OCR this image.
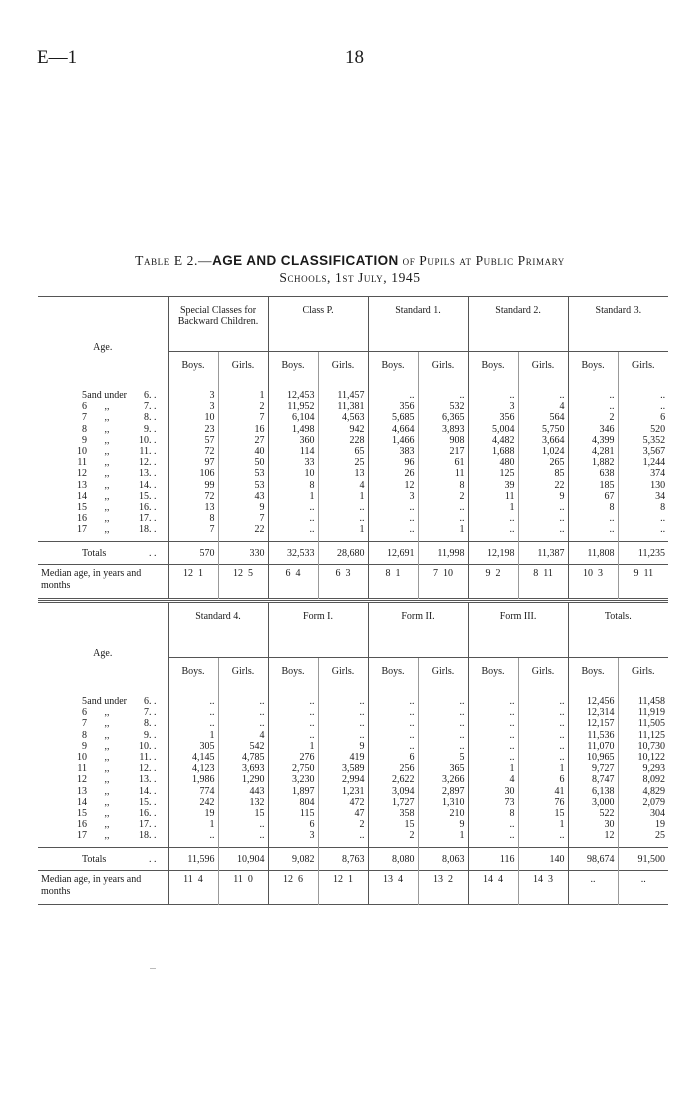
E—1	18
Table E 2.—AGE AND CLASSIFICATION of Pupils at Public Primary
Schools, 1st July, 1945
Age.	Special Classes for Backward Children.		Class P.		Standard 1.		Standard 2.		Standard 3.	
	Boys.	Girls.	Boys.	Girls.	Boys.	Girls.	Boys.	Girls.	Boys.	Girls.

. .
5and under 6	3	1	12,453	11,457	..	..	..	..	..	..

. .
6 ,, 7	3	2	11,952	11,381	356	532	3	4	..	..

. .
7 ,, 8	10	7	6,104	4,563	5,685	6,365	356	564	2	6

. .
8 ,, 9	23	16	1,498	942	4,664	3,893	5,004	5,750	346	520

. .
9 ,, 10	57	27	360	228	1,466	908	4,482	3,664	4,399	5,352

. .
10 ,, 11	72	40	114	65	383	217	1,688	1,024	4,281	3,567

. .
11 ,, 12	97	50	33	25	96	61	480	265	1,882	1,244

. .
12 ,, 13	106	53	10	13	26	11	125	85	638	374

. .
13 ,, 14	99	53	8	4	12	8	39	22	185	130

. .
14 ,, 15	72	43	1	1	3	2	11	9	67	34

. .
15 ,, 16	13	9	..	..	..	..	1	..	8	8

. .
16 ,, 17	8	7	..	..	..	..	..	..	..	..

. .
17 ,, 18	7	22	..	1	..	1	..	..	..	..

. .
Totals	570	330	32,533	28,680	12,691	11,998	12,198	11,387	11,808	11,235
Median age, in years and months	12  1	12  5	6  4	6  3	8  1	7  10	9  2	8  11	10  3	9  11
Age.	Standard 4.		Form I.		Form II.		Form III.		Totals.	
	Boys.	Girls.	Boys.	Girls.	Boys.	Girls.	Boys.	Girls.	Boys.	Girls.

. .
5and under 6	..	..	..	..	..	..	..	..	12,456	11,458

. .
6 ,, 7	..	..	..	..	..	..	..	..	12,314	11,919

. .
7 ,, 8	..	..	..	..	..	..	..	..	12,157	11,505

. .
8 ,, 9	1	4	..	..	..	..	..	..	11,536	11,125

. .
9 ,, 10	305	542	1	9	..	..	..	..	11,070	10,730

. .
10 ,, 11	4,145	4,785	276	419	6	5	..	..	10,965	10,122

. .
11 ,, 12	4,123	3,693	2,750	3,589	256	365	1	1	9,727	9,293

. .
12 ,, 13	1,986	1,290	3,230	2,994	2,622	3,266	4	6	8,747	8,092

. .
13 ,, 14	774	443	1,897	1,231	3,094	2,897	30	41	6,138	4,829

. .
14 ,, 15	242	132	804	472	1,727	1,310	73	76	3,000	2,079

. .
15 ,, 16	19	15	115	47	358	210	8	15	522	304

. .
16 ,, 17	1	..	6	2	15	9	..	1	30	19

. .
17 ,, 18	..	..	3	..	2	1	..	..	12	25

. .
Totals	11,596	10,904	9,082	8,763	8,080	8,063	116	140	98,674	91,500
Median age, in years and months	11  4	11  0	12  6	12  1	13  4	13  2	14  4	14  3	..	..
